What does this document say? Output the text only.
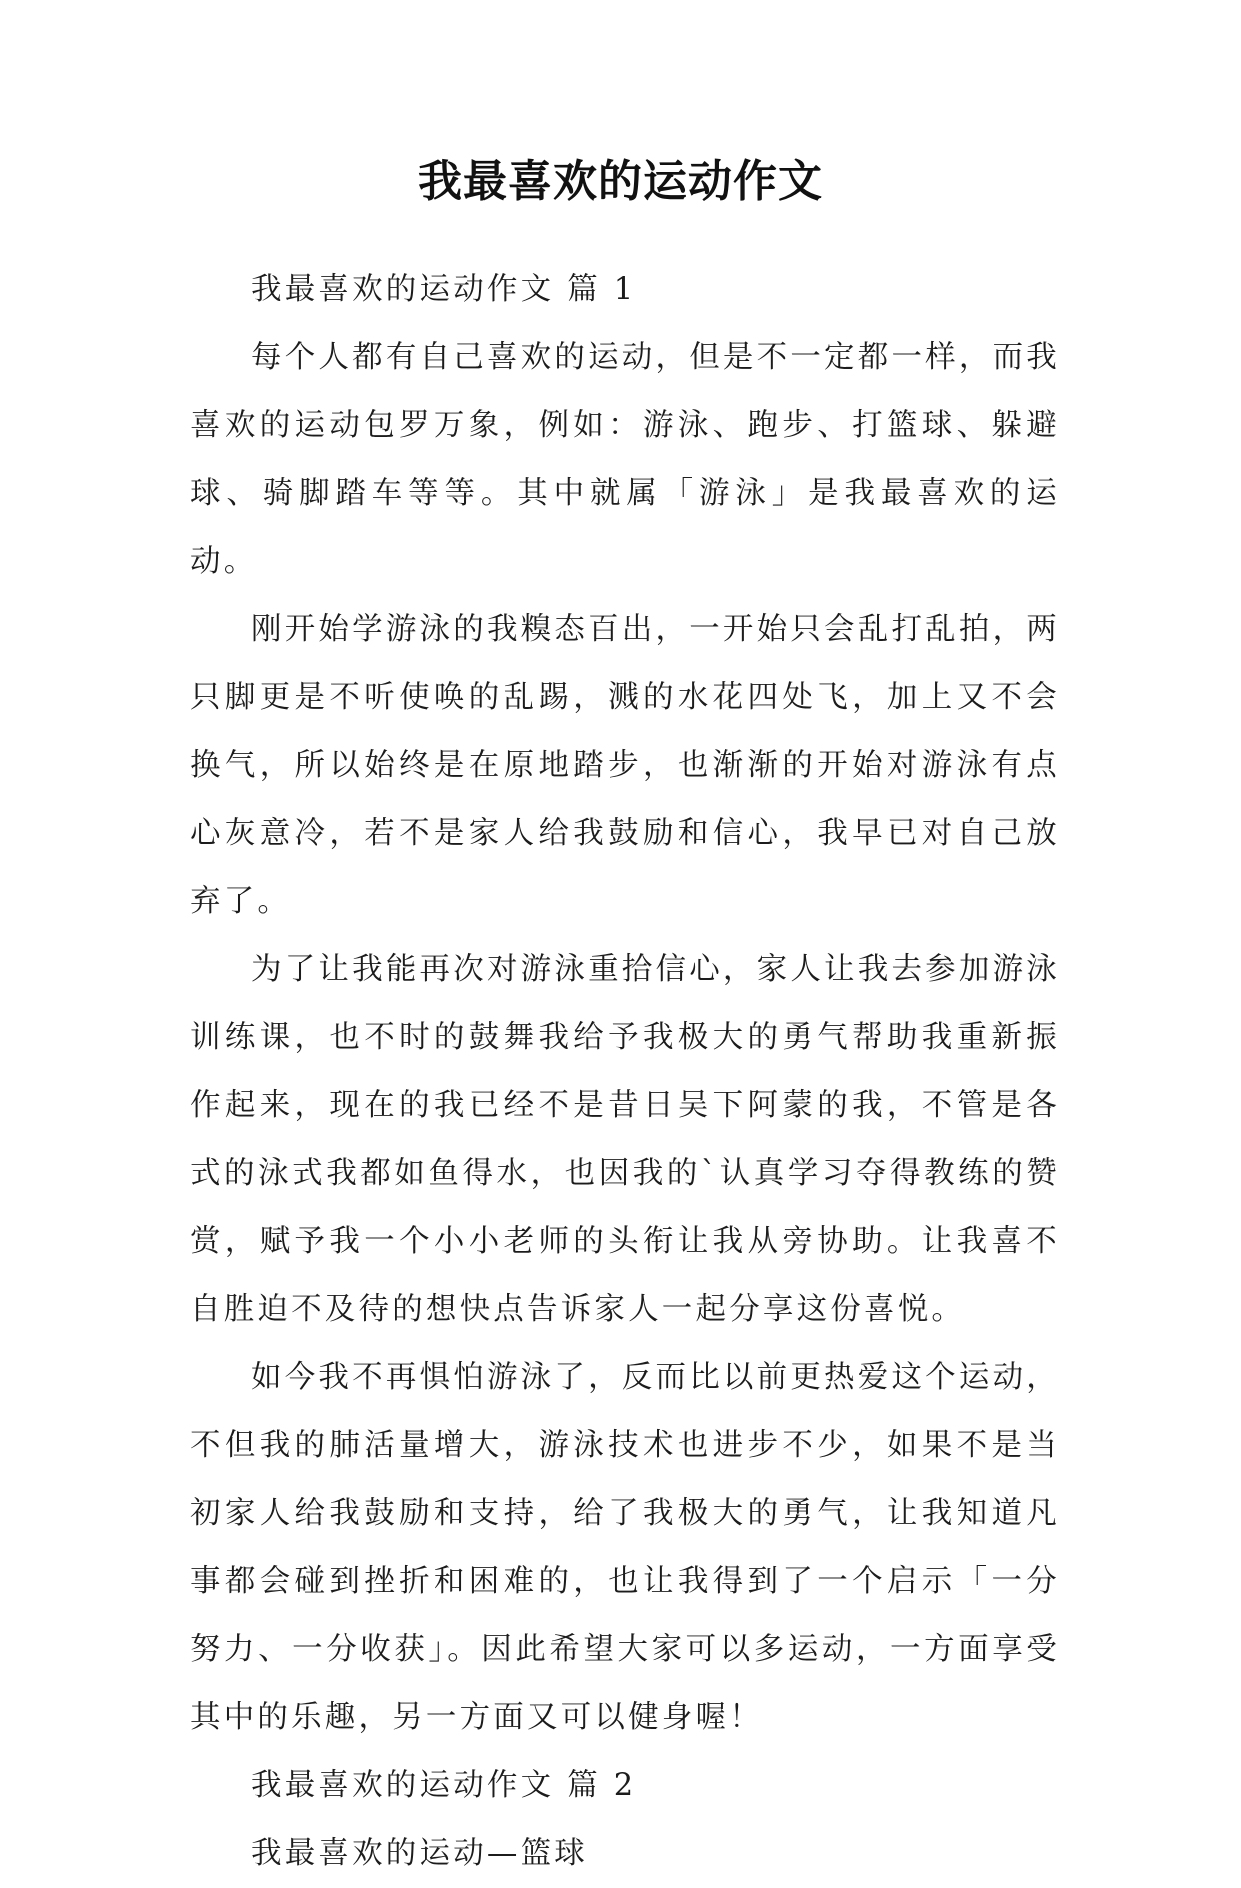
我最喜欢的运动作文

我最喜欢的运动作文 篇 1

每个人都有自己喜欢的运动，但是不一定都一样，而我喜欢的运动包罗万象，例如：游泳、跑步、打篮球、躲避球、骑脚踏车等等。其中就属「游泳」是我最喜欢的运动。

刚开始学游泳的我糗态百出，一开始只会乱打乱拍，两只脚更是不听使唤的乱踢，溅的水花四处飞，加上又不会换气，所以始终是在原地踏步，也渐渐的开始对游泳有点心灰意冷，若不是家人给我鼓励和信心，我早已对自己放弃了。

为了让我能再次对游泳重拾信心，家人让我去参加游泳训练课，也不时的鼓舞我给予我极大的勇气帮助我重新振作起来，现在的我已经不是昔日吴下阿蒙的我，不管是各式的泳式我都如鱼得水，也因我的`认真学习夺得教练的赞赏，赋予我一个小小老师的头衔让我从旁协助。让我喜不自胜迫不及待的想快点告诉家人一起分享这份喜悦。

如今我不再惧怕游泳了，反而比以前更热爱这个运动，不但我的肺活量增大，游泳技术也进步不少，如果不是当初家人给我鼓励和支持，给了我极大的勇气，让我知道凡事都会碰到挫折和困难的，也让我得到了一个启示「一分努力、一分收获」。因此希望大家可以多运动，一方面享受其中的乐趣，另一方面又可以健身喔！

我最喜欢的运动作文 篇 2

我最喜欢的运动—篮球
